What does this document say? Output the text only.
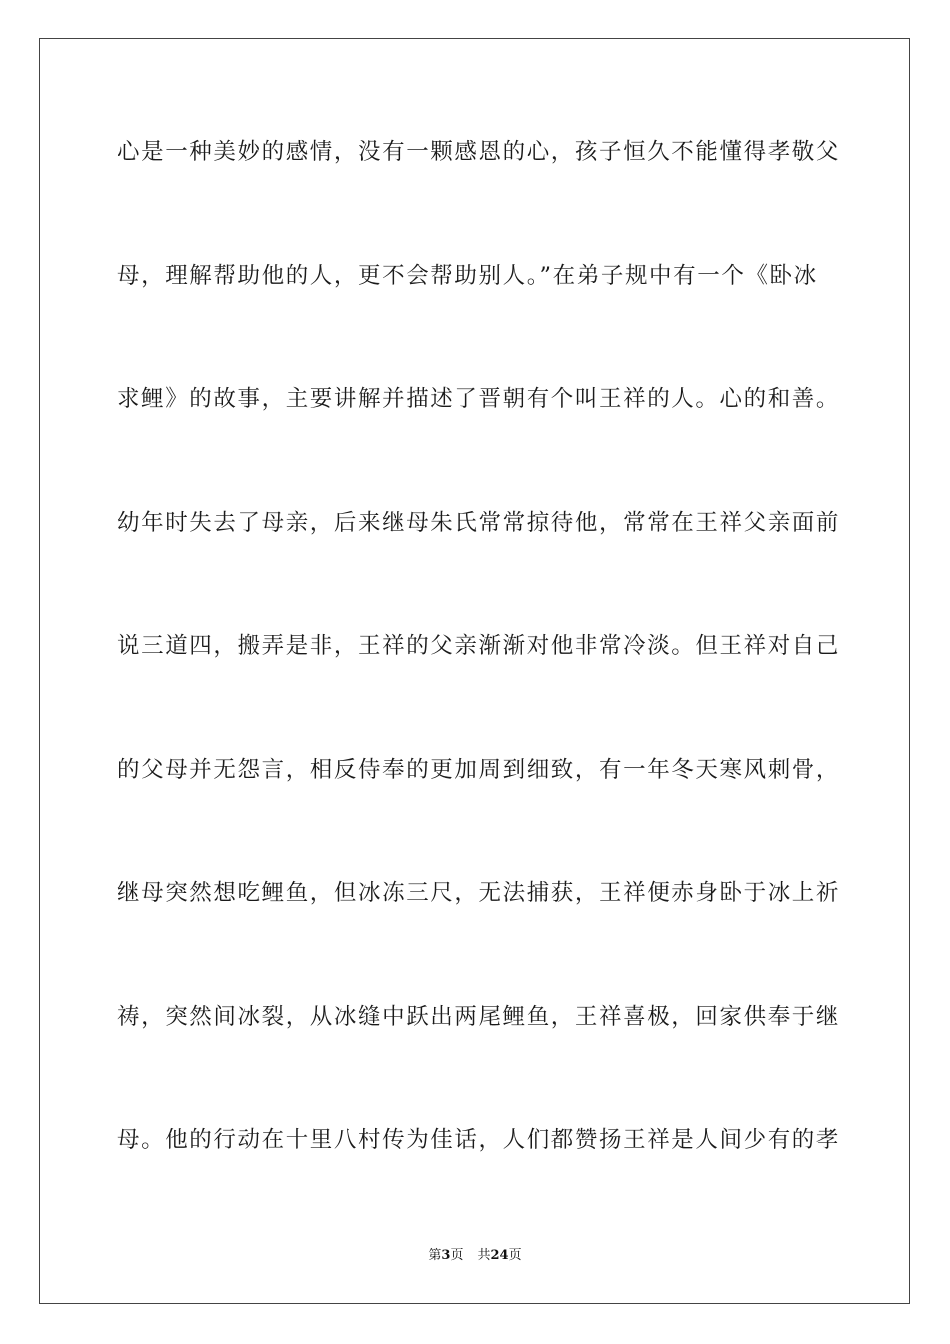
心是一种美妙的感情，没有一颗感恩的心，孩子恒久不能懂得孝敬父
母，理解帮助他的人，更不会帮助别人。”在弟子规中有一个《卧冰
求鲤》的故事，主要讲解并描述了晋朝有个叫王祥的人。心的和善。
幼年时失去了母亲，后来继母朱氏常常掠待他，常常在王祥父亲面前
说三道四，搬弄是非，王祥的父亲渐渐对他非常冷淡。但王祥对自己
的父母并无怨言，相反侍奉的更加周到细致，有一年冬天寒风刺骨，
继母突然想吃鲤鱼，但冰冻三尺，无法捕获，王祥便赤身卧于冰上祈
祷，突然间冰裂，从冰缝中跃出两尾鲤鱼，王祥喜极，回家供奉于继
母。他的行动在十里八村传为佳话，人们都赞扬王祥是人间少有的孝
第3页 共24页
